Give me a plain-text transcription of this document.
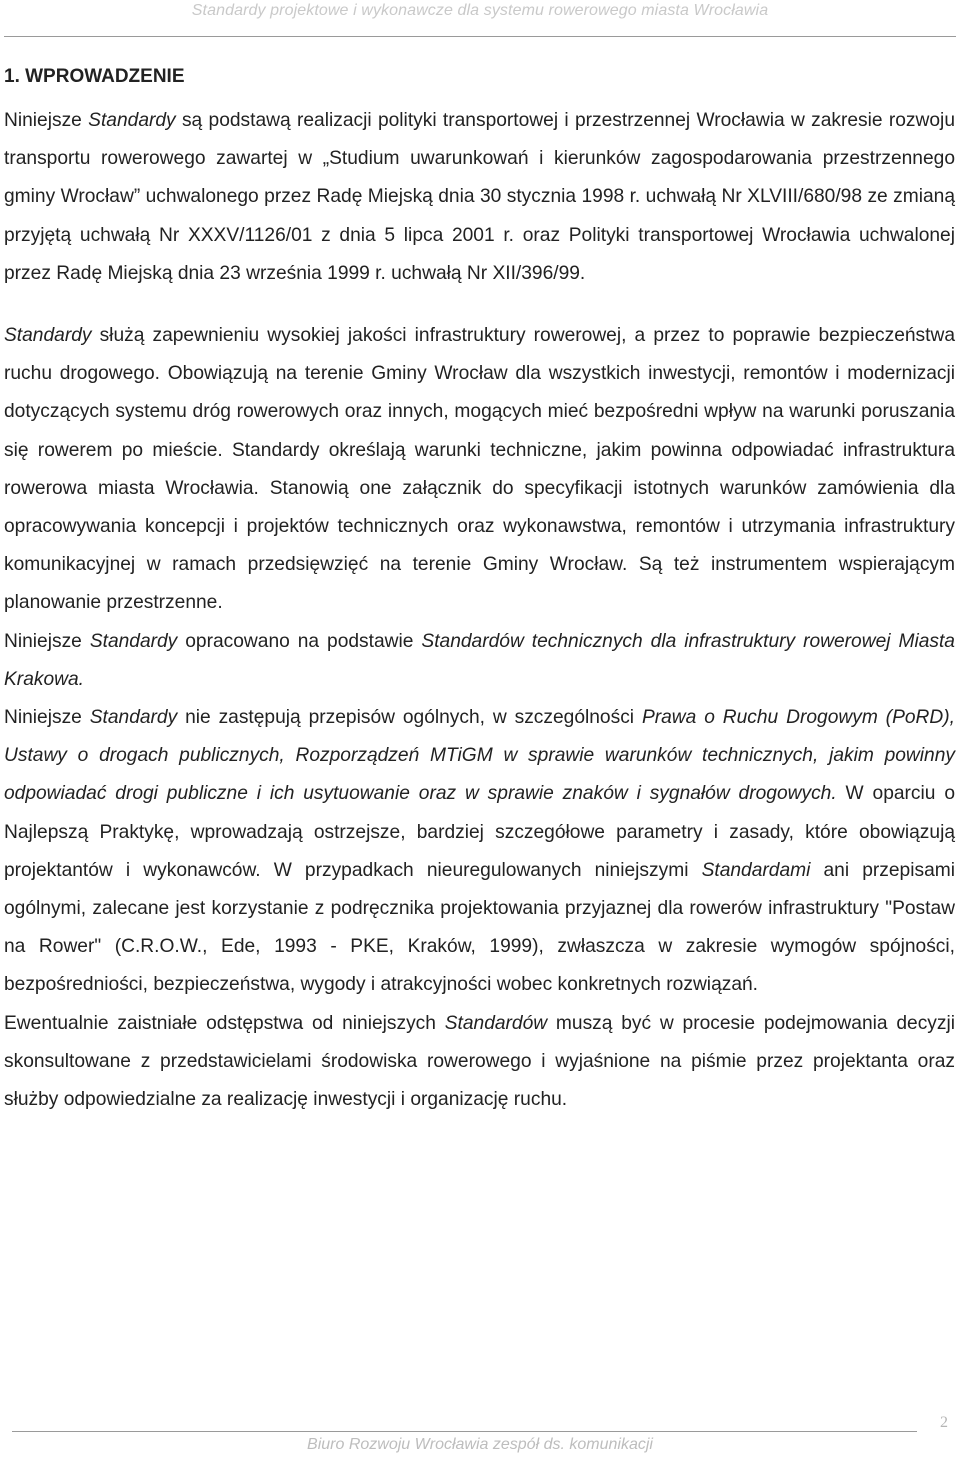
Standardy projektowe i wykonawcze dla systemu rowerowego miasta Wrocławia
1. WPROWADZENIE

Niniejsze Standardy są podstawą realizacji polityki transportowej i przestrzennej Wrocławia w zakresie rozwoju transportu rowerowego zawartej w „Studium uwarunkowań i kierunków zagospodarowania przestrzennego gminy Wrocław” uchwalonego przez Radę Miejską dnia 30 stycznia 1998 r. uchwałą Nr XLVIII/680/98 ze zmianą przyjętą uchwałą Nr XXXV/1126/01 z dnia 5 lipca 2001 r. oraz Polityki transportowej Wrocławia uchwalonej przez Radę Miejską dnia 23 września 1999 r. uchwałą Nr XII/396/99.

Standardy służą zapewnieniu wysokiej jakości infrastruktury rowerowej, a przez to poprawie bezpieczeństwa ruchu drogowego. Obowiązują na terenie Gminy Wrocław dla wszystkich inwestycji, remontów i modernizacji dotyczących systemu dróg rowerowych oraz innych, mogących mieć bezpośredni wpływ na warunki poruszania się rowerem po mieście. Standardy określają warunki techniczne, jakim powinna odpowiadać infrastruktura rowerowa miasta Wrocławia. Stanowią one załącznik do specyfikacji istotnych warunków zamówienia dla opracowywania koncepcji i projektów technicznych oraz wykonawstwa, remontów i utrzymania infrastruktury komunikacyjnej w ramach przedsięwzięć na terenie Gminy Wrocław. Są też instrumentem wspierającym planowanie przestrzenne.

Niniejsze Standardy opracowano na podstawie Standardów technicznych dla infrastruktury rowerowej Miasta Krakowa.

Niniejsze Standardy nie zastępują przepisów ogólnych, w szczególności Prawa o Ruchu Drogowym (PoRD), Ustawy o drogach publicznych, Rozporządzeń MTiGM w sprawie warunków technicznych, jakim powinny odpowiadać drogi publiczne i ich usytuowanie oraz w sprawie znaków i sygnałów drogowych. W oparciu o Najlepszą Praktykę, wprowadzają ostrzejsze, bardziej szczegółowe parametry i zasady, które obowiązują projektantów i wykonawców. W przypadkach nieuregulowanych niniejszymi Standardami ani przepisami ogólnymi, zalecane jest korzystanie z podręcznika projektowania przyjaznej dla rowerów infrastruktury "Postaw na Rower" (C.R.O.W., Ede, 1993 - PKE, Kraków, 1999), zwłaszcza w zakresie wymogów spójności, bezpośredniości, bezpieczeństwa, wygody i atrakcyjności wobec konkretnych rozwiązań.

Ewentualnie zaistniałe odstępstwa od niniejszych Standardów muszą być w procesie podejmowania decyzji skonsultowane z przedstawicielami środowiska rowerowego i wyjaśnione na piśmie przez projektanta oraz służby odpowiedzialne za realizację inwestycji i organizację ruchu.

2
Biuro Rozwoju Wrocławia zespół ds. komunikacji
